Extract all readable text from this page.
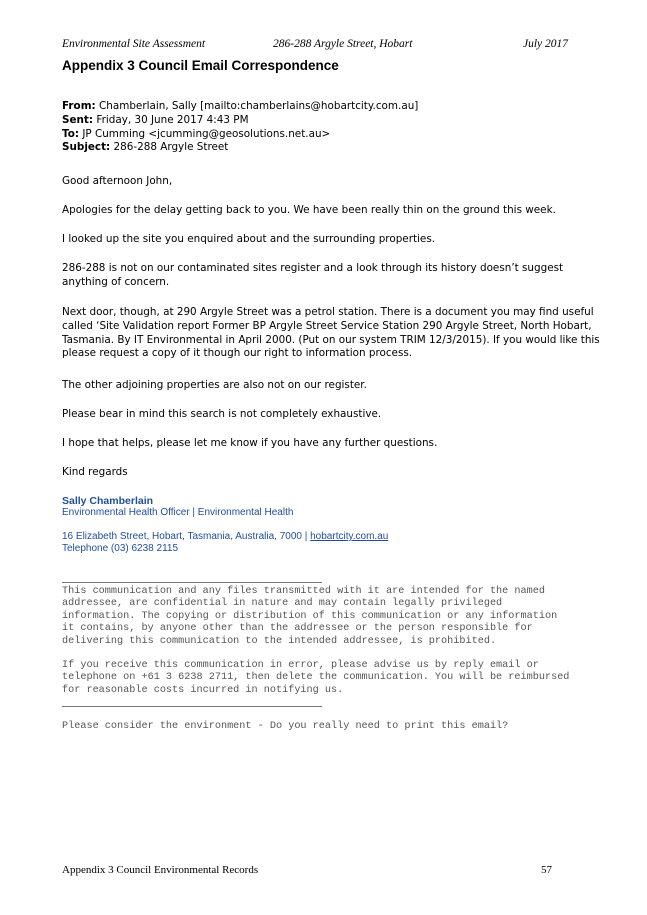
Environmental Site Assessment	286-288 Argyle Street, Hobart	July 2017
Appendix 3 Council Email Correspondence
From: Chamberlain, Sally [mailto:chamberlains@hobartcity.com.au]
Sent: Friday, 30 June 2017 4:43 PM
To: JP Cumming <jcumming@geosolutions.net.au>
Subject: 286-288 Argyle Street

Good afternoon John,

Apologies for the delay getting back to you. We have been really thin on the ground this week.

I looked up the site you enquired about and the surrounding properties.

286-288 is not on our contaminated sites register and a look through its history doesn’t suggest anything of concern.

Next door, though, at 290 Argyle Street was a petrol station. There is a document you may find useful called ‘Site Validation report Former BP Argyle Street Service Station 290 Argyle Street, North Hobart, Tasmania. By IT Environmental in April 2000. (Put on our system TRIM 12/3/2015). If you would like this please request a copy of it though our right to information process.

The other adjoining properties are also not on our register.

Please bear in mind this search is not completely exhaustive.

I hope that helps, please let me know if you have any further questions.

Kind regards

Sally Chamberlain
Environmental Health Officer | Environmental Health
16 Elizabeth Street, Hobart, Tasmania, Australia, 7000 | hobartcity.com.au
Telephone (03) 6238 2115
This communication and any files transmitted with it are intended for the named
addressee, are confidential in nature and may contain legally privileged
information. The copying or distribution of this communication or any information
it contains, by anyone other than the addressee or the person responsible for
delivering this communication to the intended addressee, is prohibited.
If you receive this communication in error, please advise us by reply email or
telephone on +61 3 6238 2711, then delete the communication. You will be reimbursed
for reasonable costs incurred in notifying us.
Please consider the environment - Do you really need to print this email?
Appendix 3 Council Environmental Records	57
